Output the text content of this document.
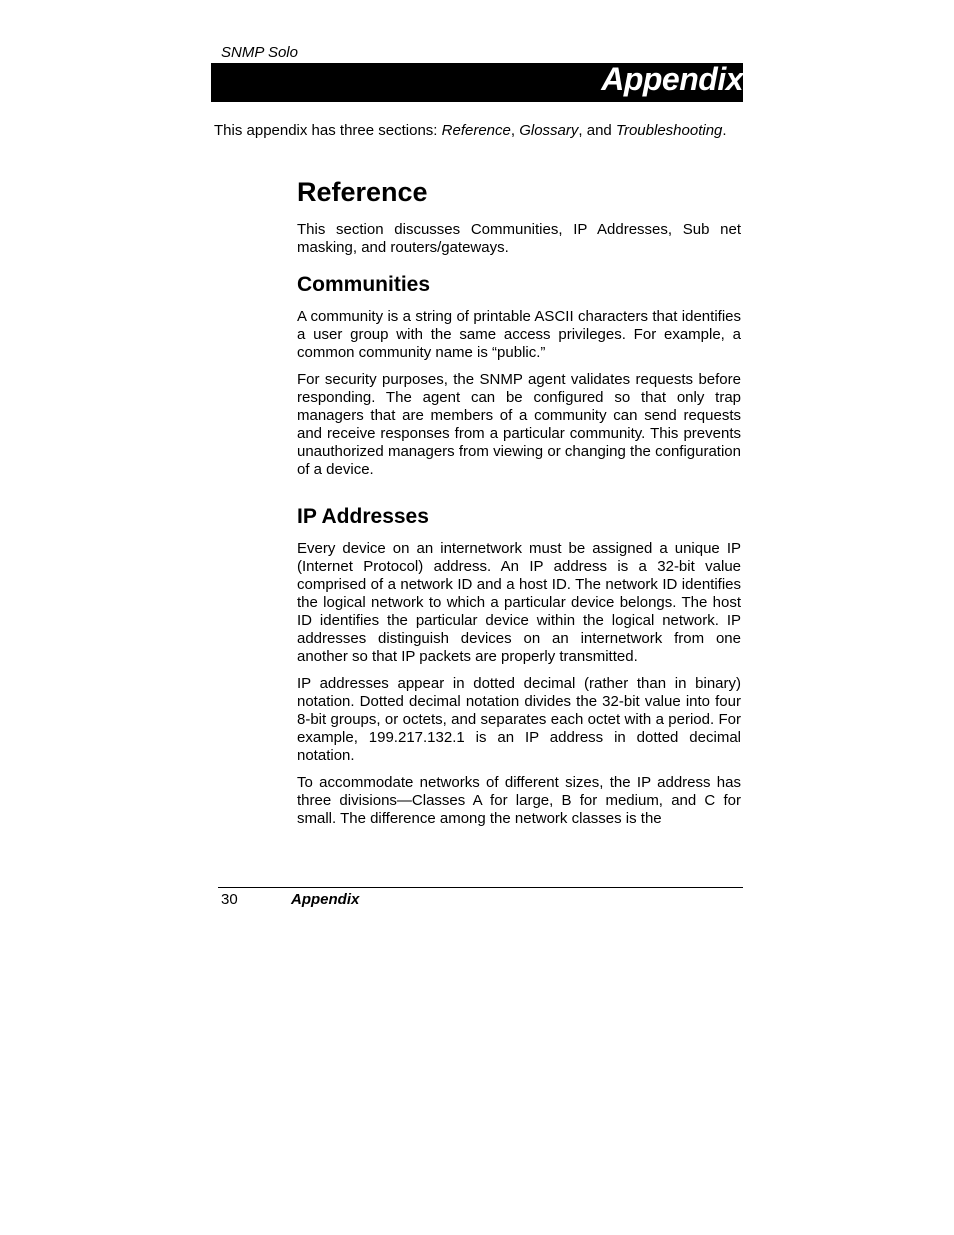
SNMP Solo
Appendix
This appendix has three sections: Reference, Glossary, and Troubleshooting.
Reference

This section discusses Communities, IP Addresses, Sub net masking, and routers/gateways.

Communities

A community is a string of printable ASCII characters that identifies a user group with the same access privileges. For example, a common community name is “public.”

For security purposes, the SNMP agent validates requests before responding. The agent can be configured so that only trap managers that are members of a community can send requests and receive responses from a particular community. This prevents unauthorized managers from viewing or changing the configuration of a device.

IP Addresses

Every device on an internetwork must be assigned a unique IP (Internet Protocol) address. An IP address is a 32-bit value comprised of a network ID and a host ID. The network ID identifies the logical network to which a particular device belongs. The host ID identifies the particular device within the logical network. IP addresses distinguish devices on an internetwork from one another so that IP packets are properly transmitted.

IP addresses appear in dotted decimal (rather than in binary) notation. Dotted decimal notation divides the 32-bit value into four 8-bit groups, or octets, and separates each octet with a period. For example, 199.217.132.1 is an IP address in dotted decimal notation.

To accommodate networks of different sizes, the IP address has three divisions—Classes A for large, B for medium, and C for small. The difference among the network classes is the

30	Appendix
